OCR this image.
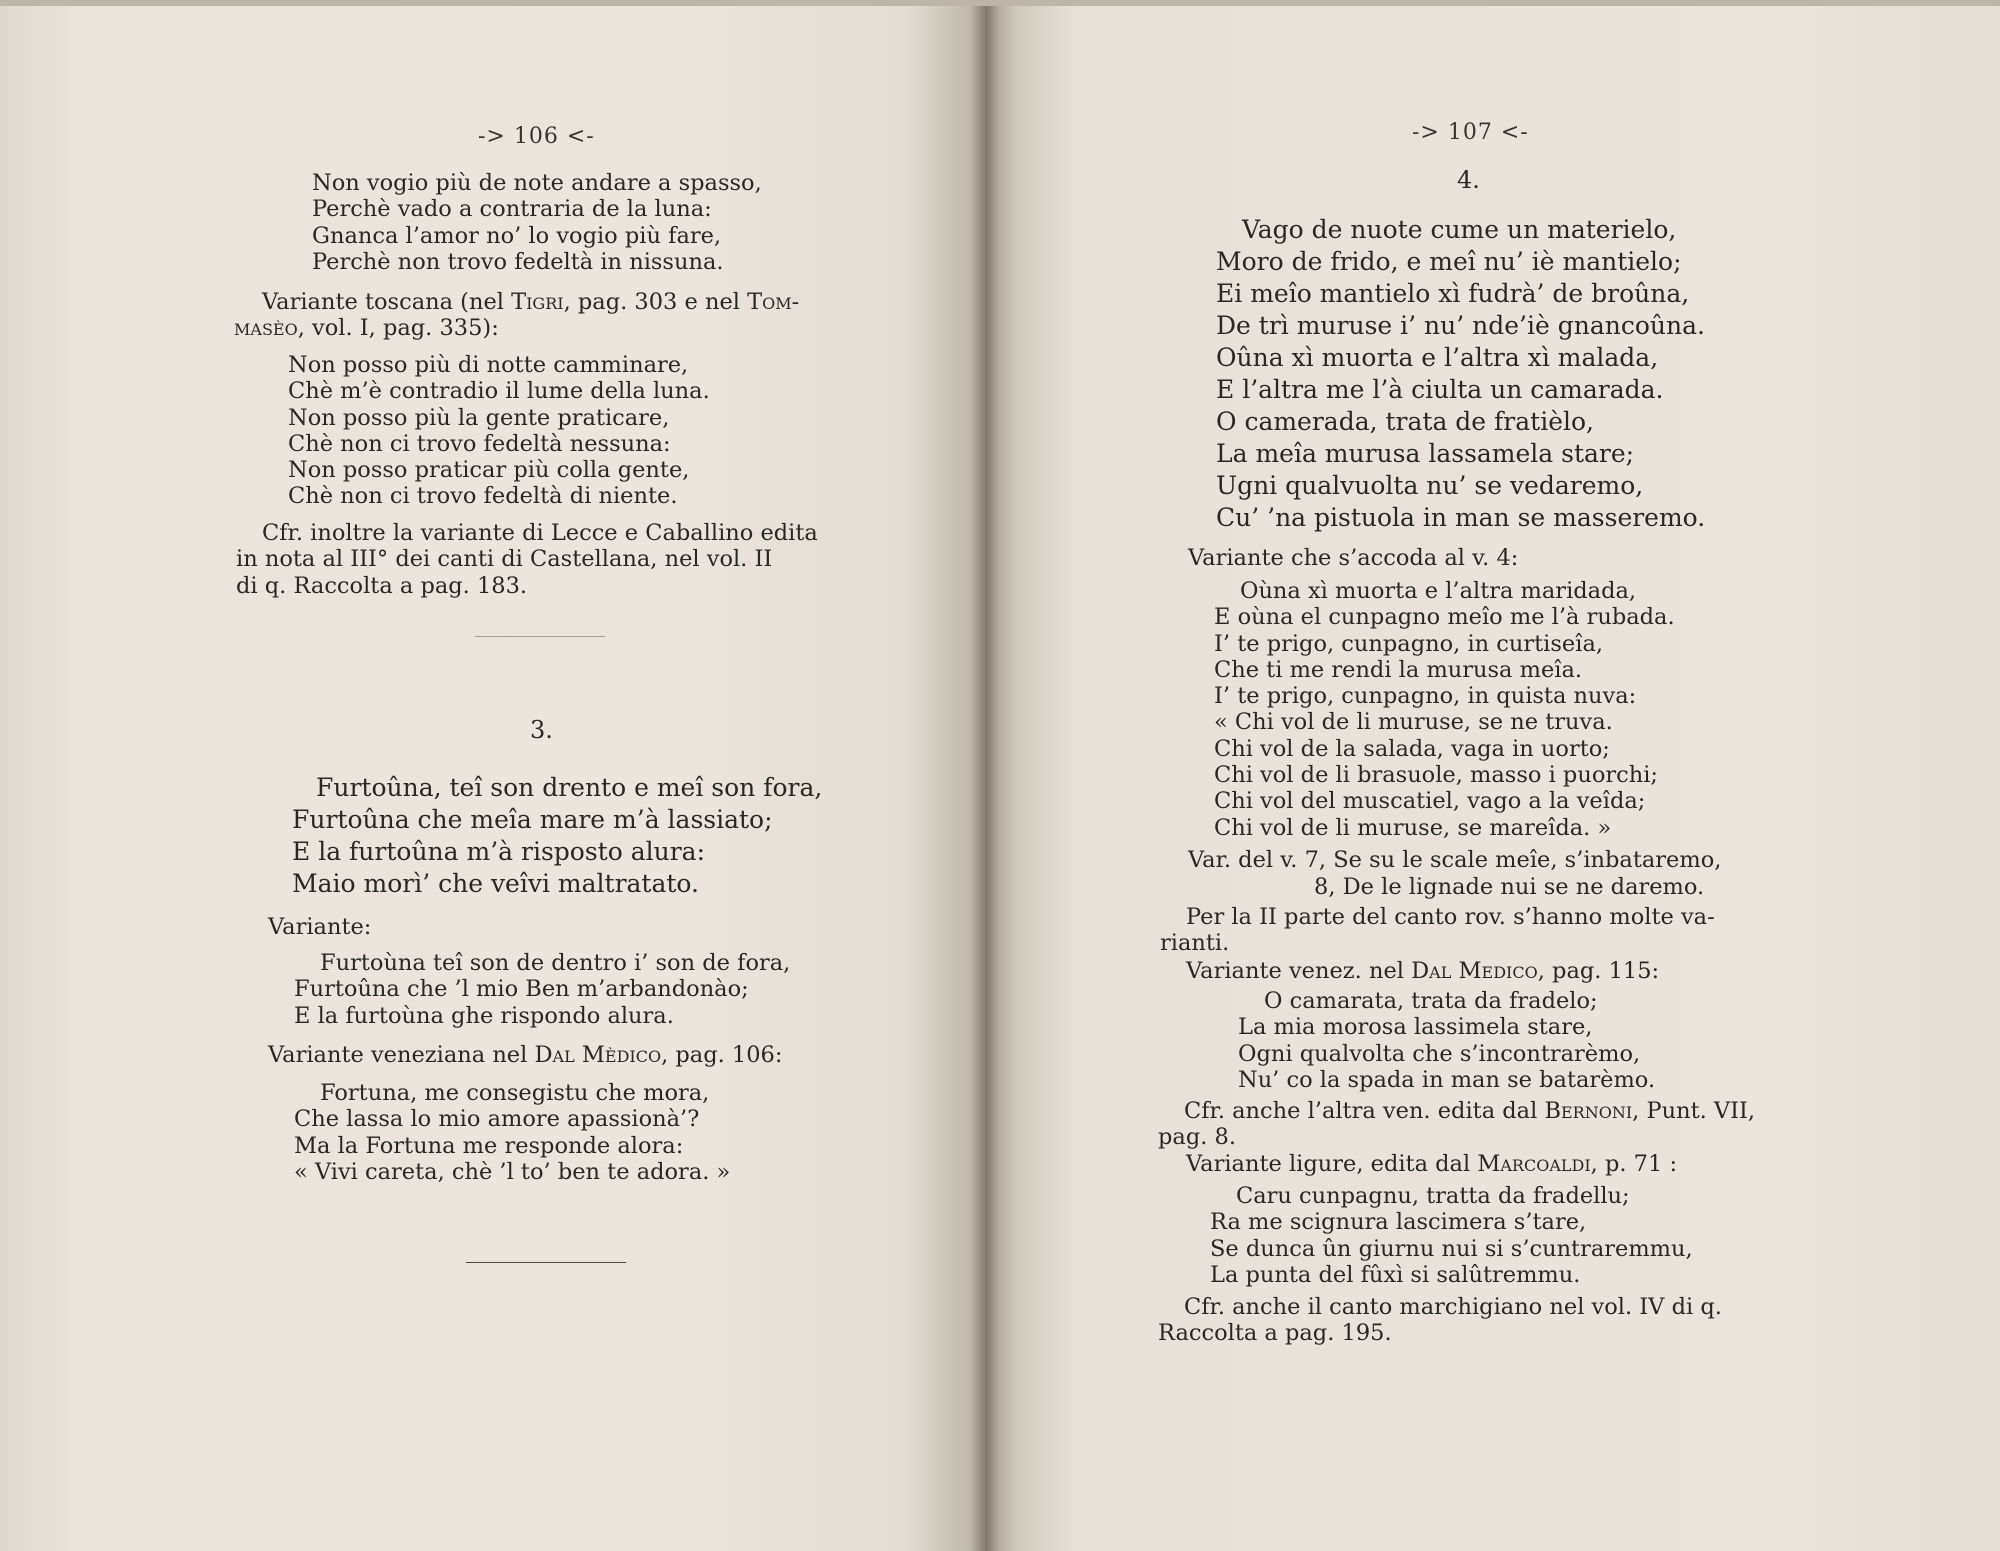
-> 106 <-
Non vogio più de note andare a spasso,
Perchè vado a contraria de la luna:
Gnanca l’amor no’ lo vogio più fare,
Perchè non trovo fedeltà in nissuna.
Variante toscana (nel Tigri, pag. 303 e nel Tom-
masèo, vol. I, pag. 335):
Non posso più di notte camminare,
Chè m’è contradio il lume della luna.
Non posso più la gente praticare,
Chè non ci trovo fedeltà nessuna:
Non posso praticar più colla gente,
Chè non ci trovo fedeltà di niente.
Cfr. inoltre la variante di Lecce e Caballino edita
in nota al III° dei canti di Castellana, nel vol. II
di q. Raccolta a pag. 183.
3.
Furtoûna, teî son drento e meî son fora,
Furtoûna che meîa mare m’à lassiato;
E la furtoûna m’à risposto alura:
Maio morì’ che veîvi maltratato.
Variante:
Furtoùna teî son de dentro i’ son de fora,
Furtoûna che ’l mio Ben m’arbandonào;
E la furtoùna ghe rispondo alura.
Variante veneziana nel Dal Mèdico, pag. 106:
Fortuna, me consegistu che mora,
Che lassa lo mio amore apassionà’?
Ma la Fortuna me responde alora:
« Vivi careta, chè ’l to’ ben te adora. »
-> 107 <-
4.
Vago de nuote cume un materielo,
Moro de frido, e meî nu’ iè mantielo;
Ei meîo mantielo xì fudrà’ de broûna,
De trì muruse i’ nu’ nde’iè gnancoûna.
Oûna xì muorta e l’altra xì malada,
E l’altra me l’à ciulta un camarada.
O camerada, trata de fratièlo,
La meîa murusa lassamela stare;
Ugni qualvuolta nu’ se vedaremo,
Cu’ ’na pistuola in man se masseremo.
Variante che s’accoda al v. 4:
Oùna xì muorta e l’altra maridada,
E oùna el cunpagno meîo me l’à rubada.
I’ te prigo, cunpagno, in curtiseîa,
Che ti me rendi la murusa meîa.
I’ te prigo, cunpagno, in quista nuva:
« Chi vol de li muruse, se ne truva.
Chi vol de la salada, vaga in uorto;
Chi vol de li brasuole, masso i puorchi;
Chi vol del muscatiel, vago a la veîda;
Chi vol de li muruse, se mareîda. »
Var. del v. 7, Se su le scale meîe, s’inbataremo,
8, De le lignade nui se ne daremo.
Per la II parte del canto rov. s’hanno molte va-
rianti.
Variante venez. nel Dal Medico, pag. 115:
O camarata, trata da fradelo;
La mia morosa lassimela stare,
Ogni qualvolta che s’incontrarèmo,
Nu’ co la spada in man se batarèmo.
Cfr. anche l’altra ven. edita dal Bernoni, Punt. VII,
pag. 8.
Variante ligure, edita dal Marcoaldi, p. 71 :
Caru cunpagnu, tratta da fradellu;
Ra me scignura lascimera s’tare,
Se dunca ûn giurnu nui si s’cuntraremmu,
La punta del fûxì si salûtremmu.
Cfr. anche il canto marchigiano nel vol. IV di q.
Raccolta a pag. 195.
